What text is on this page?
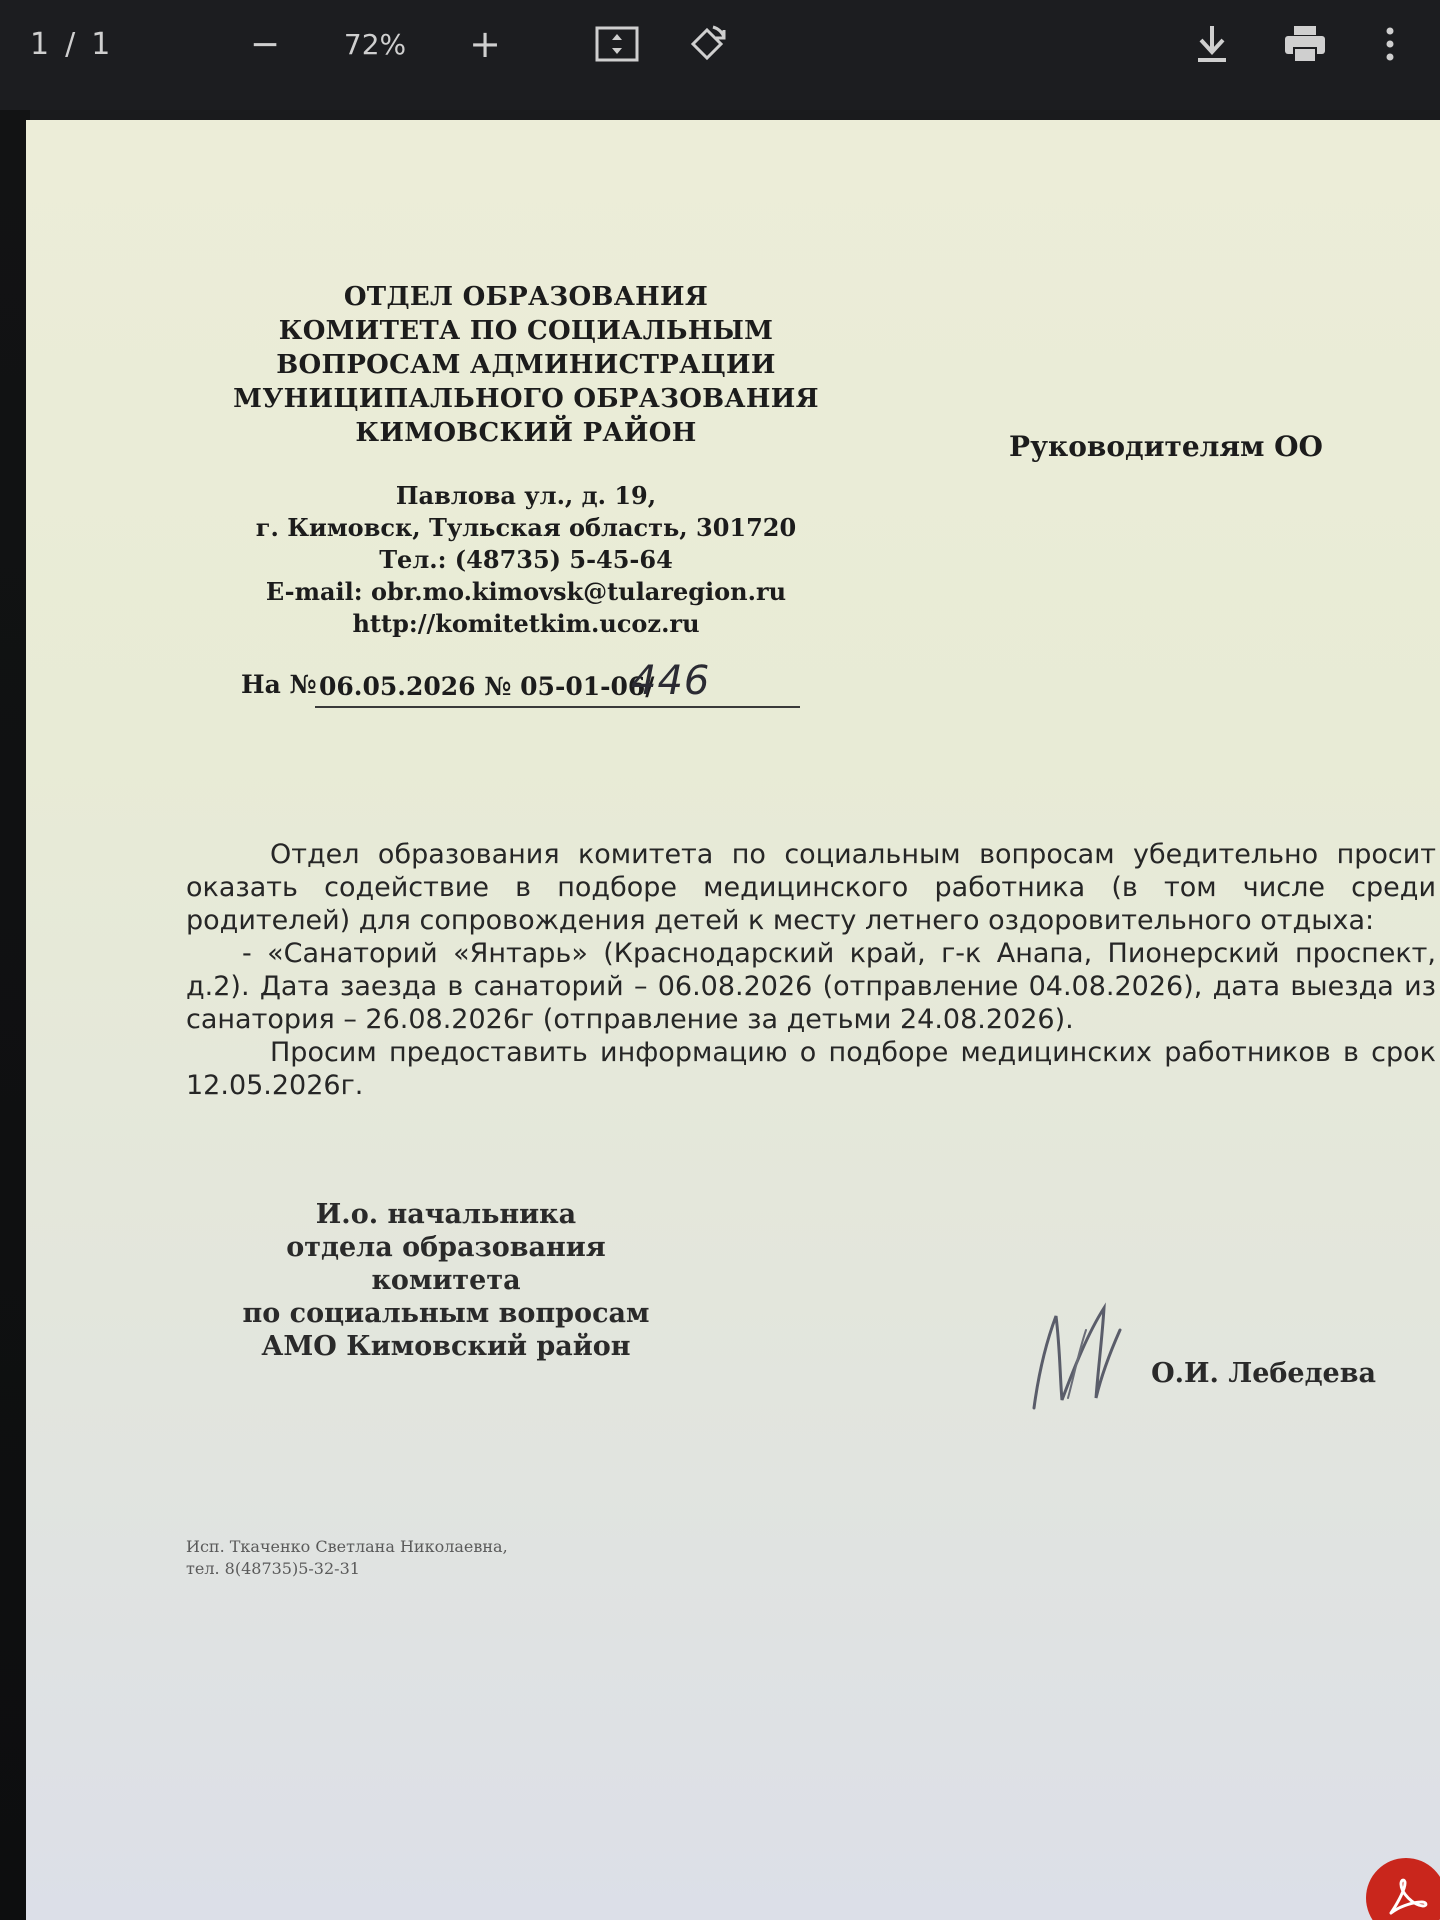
1 / 1	−	72%	+
ОТДЕЛ ОБРАЗОВАНИЯ
КОМИТЕТА ПО СОЦИАЛЬНЫМ
ВОПРОСАМ АДМИНИСТРАЦИИ
МУНИЦИПАЛЬНОГО ОБРАЗОВАНИЯ
КИМОВСКИЙ РАЙОН	Руководителям ОО
Павлова ул., д. 19,
г. Кимовск, Тульская область, 301720
Тел.: (48735) 5-45-64
E-mail: obr.mo.kimovsk@tularegion.ru
http://komitetkim.ucoz.ru
На № 06.05.2026 № 05-01-06/
446

Отдел образования комитета по социальным вопросам убедительно просит оказать содействие в подборе медицинского работника (в том числе среди родителей) для сопровождения детей к месту летнего оздоровительного отдыха:

- «Санаторий «Янтарь» (Краснодарский край, г-к Анапа, Пионерский проспект, д.2). Дата заезда в санаторий – 06.08.2026 (отправление 04.08.2026), дата выезда из санатория – 26.08.2026г (отправление за детьми 24.08.2026).

Просим предоставить информацию о подборе медицинских работников в срок 12.05.2026г.

И.о. начальника
отдела образования комитета
по социальным вопросам
АМО Кимовский район
О.И. Лебедева
Исп. Ткаченко Светлана Николаевна,
тел. 8(48735)5-32-31
